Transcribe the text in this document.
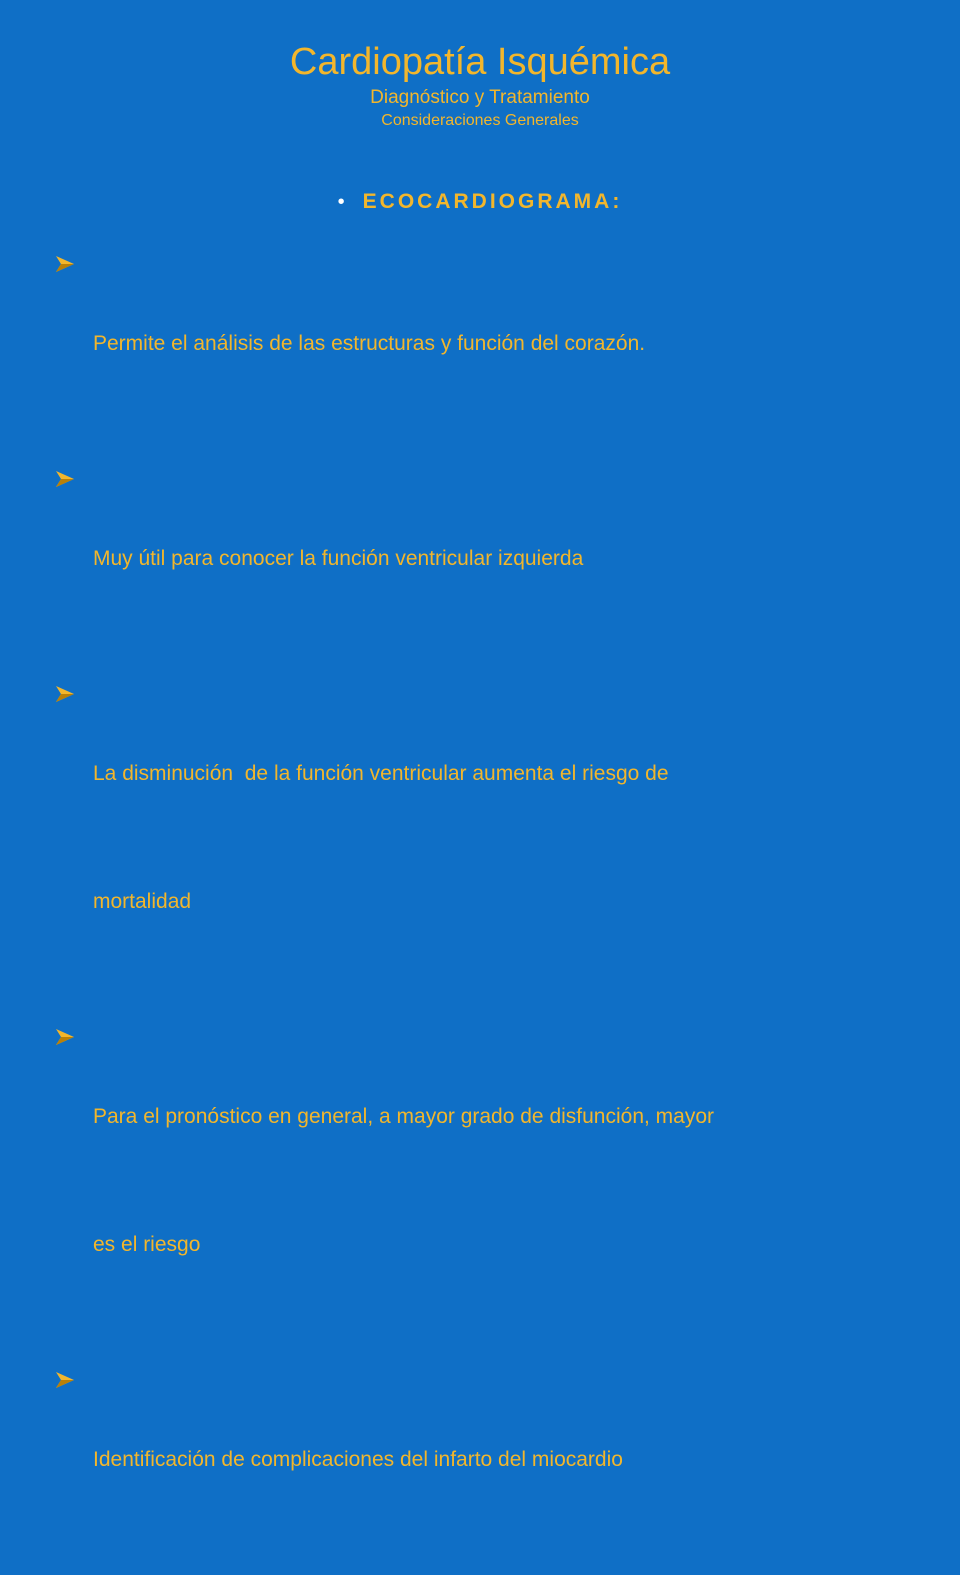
Cardiopatía Isquémica
Diagnóstico y Tratamiento
Consideraciones Generales
• ECOCARDIOGRAMA:

Permite el análisis de las estructuras y función del corazón.

Muy útil para conocer la función ventricular izquierda

La disminución  de la función ventricular aumenta el riesgo de

mortalidad

Para el pronóstico en general, a mayor grado de disfunción, mayor

es el riesgo

Identificación de complicaciones del infarto del miocardio
